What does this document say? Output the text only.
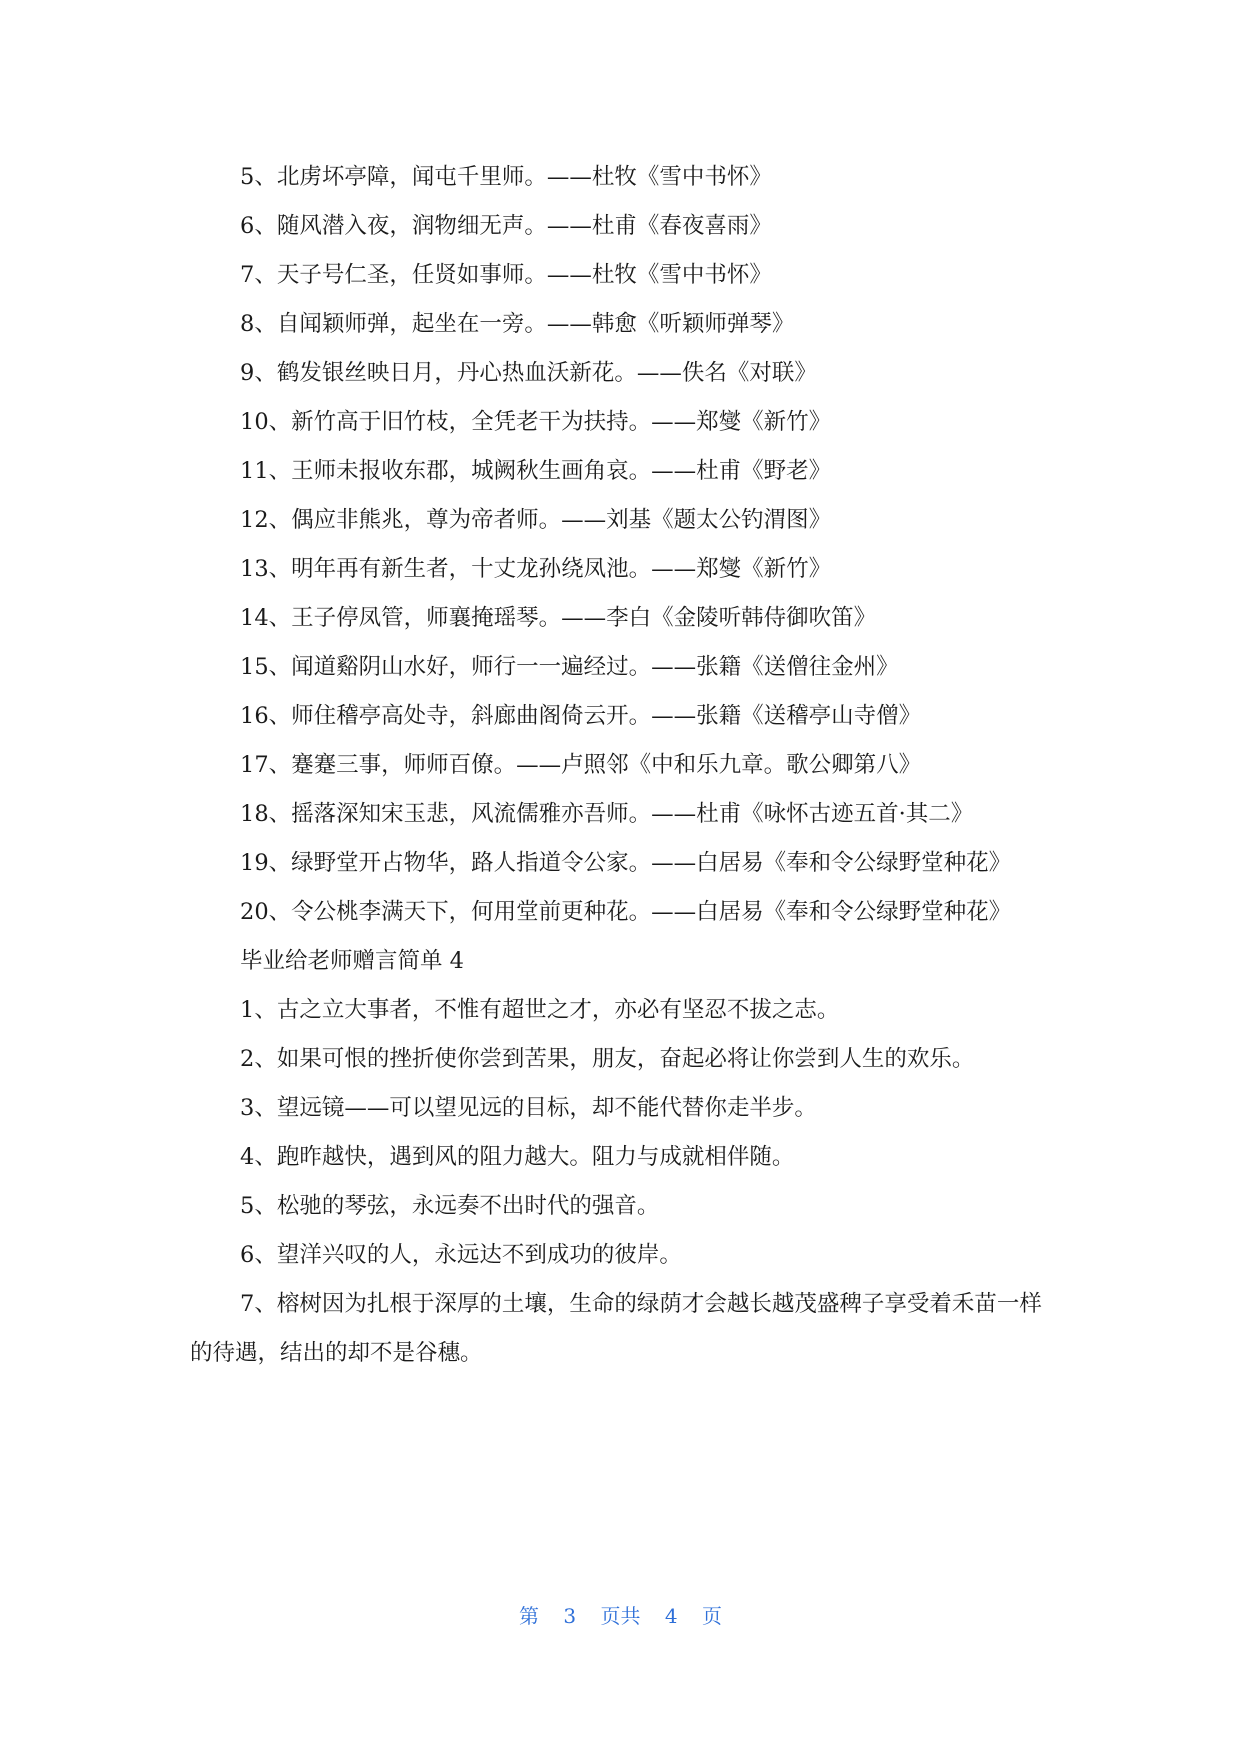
5、北虏坏亭障，闻屯千里师。——杜牧《雪中书怀》

6、随风潜入夜，润物细无声。——杜甫《春夜喜雨》

7、天子号仁圣，任贤如事师。——杜牧《雪中书怀》

8、自闻颖师弹，起坐在一旁。——韩愈《听颖师弹琴》

9、鹤发银丝映日月，丹心热血沃新花。——佚名《对联》

10、新竹高于旧竹枝，全凭老干为扶持。——郑燮《新竹》

11、王师未报收东郡，城阙秋生画角哀。——杜甫《野老》

12、偶应非熊兆，尊为帝者师。——刘基《题太公钓渭图》

13、明年再有新生者，十丈龙孙绕凤池。——郑燮《新竹》

14、王子停凤管，师襄掩瑶琴。——李白《金陵听韩侍御吹笛》

15、闻道谿阴山水好，师行一一遍经过。——张籍《送僧往金州》

16、师住稽亭高处寺，斜廊曲阁倚云开。——张籍《送稽亭山寺僧》

17、蹇蹇三事，师师百僚。——卢照邻《中和乐九章。歌公卿第八》

18、摇落深知宋玉悲，风流儒雅亦吾师。——杜甫《咏怀古迹五首·其二》

19、绿野堂开占物华，路人指道令公家。——白居易《奉和令公绿野堂种花》

20、令公桃李满天下，何用堂前更种花。——白居易《奉和令公绿野堂种花》

毕业给老师赠言简单 4

1、古之立大事者，不惟有超世之才，亦必有坚忍不拔之志。

2、如果可恨的挫折使你尝到苦果，朋友，奋起必将让你尝到人生的欢乐。

3、望远镜——可以望见远的目标，却不能代替你走半步。

4、跑昨越快，遇到风的阻力越大。阻力与成就相伴随。

5、松驰的琴弦，永远奏不出时代的强音。

6、望洋兴叹的人，永远达不到成功的彼岸。

7、榕树因为扎根于深厚的土壤，生命的绿荫才会越长越茂盛稗子享受着禾苗一样的待遇，结出的却不是谷穗。

第 3 页共 4 页
